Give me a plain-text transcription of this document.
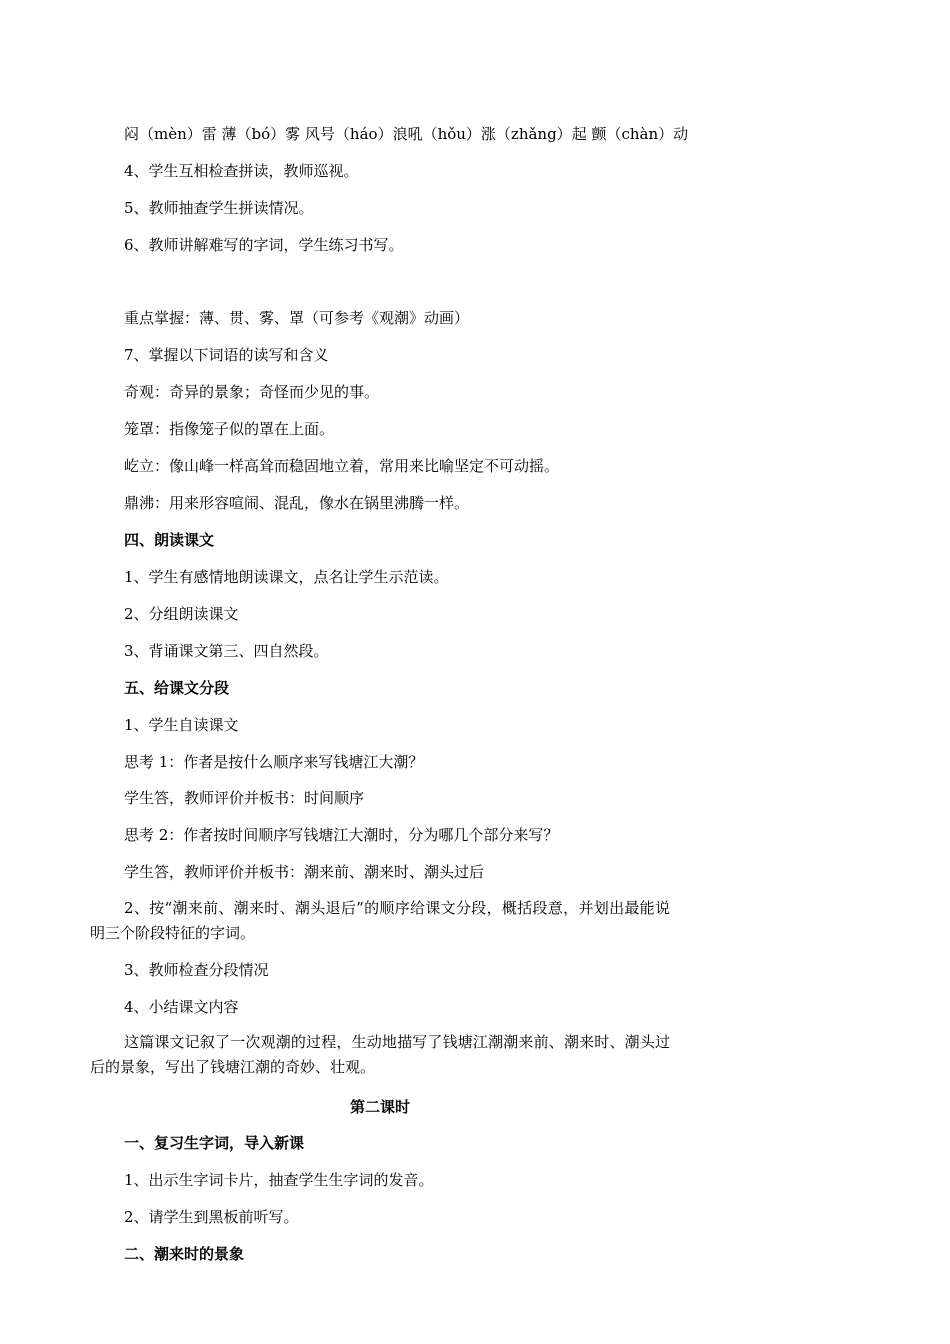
闷（mèn）雷 薄（bó）雾 风号（háo）浪吼（hǒu）涨（zhǎng）起 颤（chàn）动
4、学生互相检查拼读，教师巡视。
5、教师抽查学生拼读情况。
6、教师讲解难写的字词，学生练习书写。
重点掌握：薄、贯、雾、罩（可参考《观潮》动画）
7、掌握以下词语的读写和含义
奇观：奇异的景象；奇怪而少见的事。
笼罩：指像笼子似的罩在上面。
屹立：像山峰一样高耸而稳固地立着，常用来比喻坚定不可动摇。
鼎沸：用来形容喧闹、混乱，像水在锅里沸腾一样。
四、朗读课文
1、学生有感情地朗读课文，点名让学生示范读。
2、分组朗读课文
3、背诵课文第三、四自然段。
五、给课文分段
1、学生自读课文
思考 1：作者是按什么顺序来写钱塘江大潮？
学生答，教师评价并板书：时间顺序
思考 2：作者按时间顺序写钱塘江大潮时，分为哪几个部分来写？
学生答，教师评价并板书：潮来前、潮来时、潮头过后
2、按“潮来前、潮来时、潮头退后”的顺序给课文分段，概括段意，并划出最能说明三个阶段特征的字词。
3、教师检查分段情况
4、小结课文内容
这篇课文记叙了一次观潮的过程，生动地描写了钱塘江潮潮来前、潮来时、潮头过后的景象，写出了钱塘江潮的奇妙、壮观。
第二课时
一、复习生字词，导入新课
1、出示生字词卡片，抽查学生生字词的发音。
2、请学生到黑板前听写。
二、潮来时的景象
